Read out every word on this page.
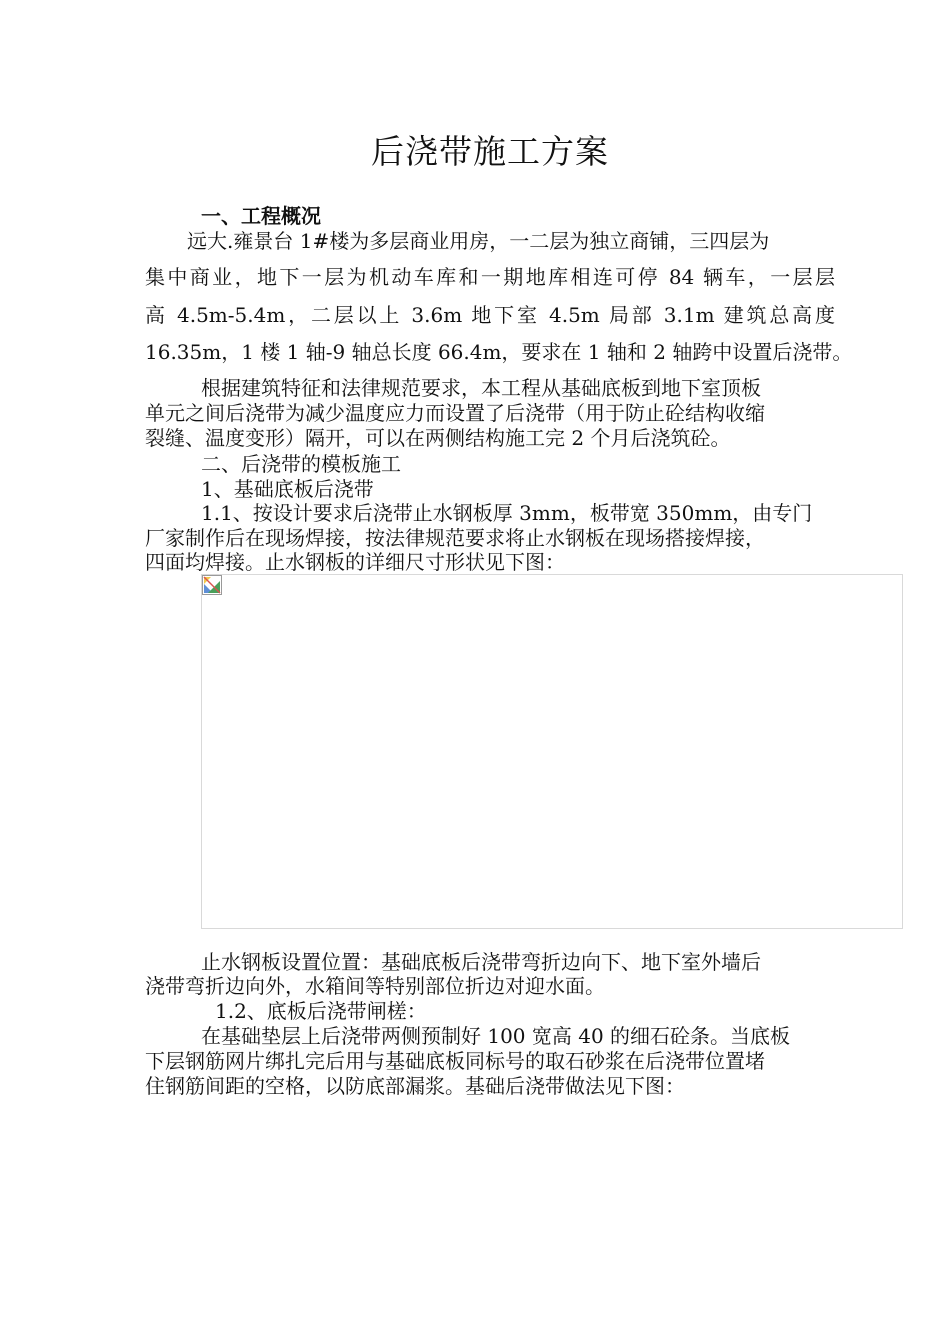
后浇带施工方案
一、工程概况
远大.雍景台 1#楼为多层商业用房，一二层为独立商铺，三四层为
集中商业，地下一层为机动车库和一期地库相连可停 84 辆车，一层层
高 4.5m-5.4m，二层以上 3.6m 地下室 4.5m 局部 3.1m 建筑总高度
16.35m，1 楼 1 轴-9 轴总长度 66.4m，要求在 1 轴和 2 轴跨中设置后浇带。
根据建筑特征和法律规范要求，本工程从基础底板到地下室顶板
单元之间后浇带为减少温度应力而设置了后浇带（用于防止砼结构收缩
裂缝、温度变形）隔开，可以在两侧结构施工完 2 个月后浇筑砼。
二、后浇带的模板施工
1、基础底板后浇带
1.1、按设计要求后浇带止水钢板厚 3mm，板带宽 350mm，由专门
厂家制作后在现场焊接，按法律规范要求将止水钢板在现场搭接焊接，
四面均焊接。止水钢板的详细尺寸形状见下图：
止水钢板设置位置：基础底板后浇带弯折边向下、地下室外墙后
浇带弯折边向外，水箱间等特别部位折边对迎水面。
1.2、底板后浇带闸槎：
在基础垫层上后浇带两侧预制好 100 宽高 40 的细石砼条。当底板
下层钢筋网片绑扎完后用与基础底板同标号的取石砂浆在后浇带位置堵
住钢筋间距的空格，以防底部漏浆。基础后浇带做法见下图：
